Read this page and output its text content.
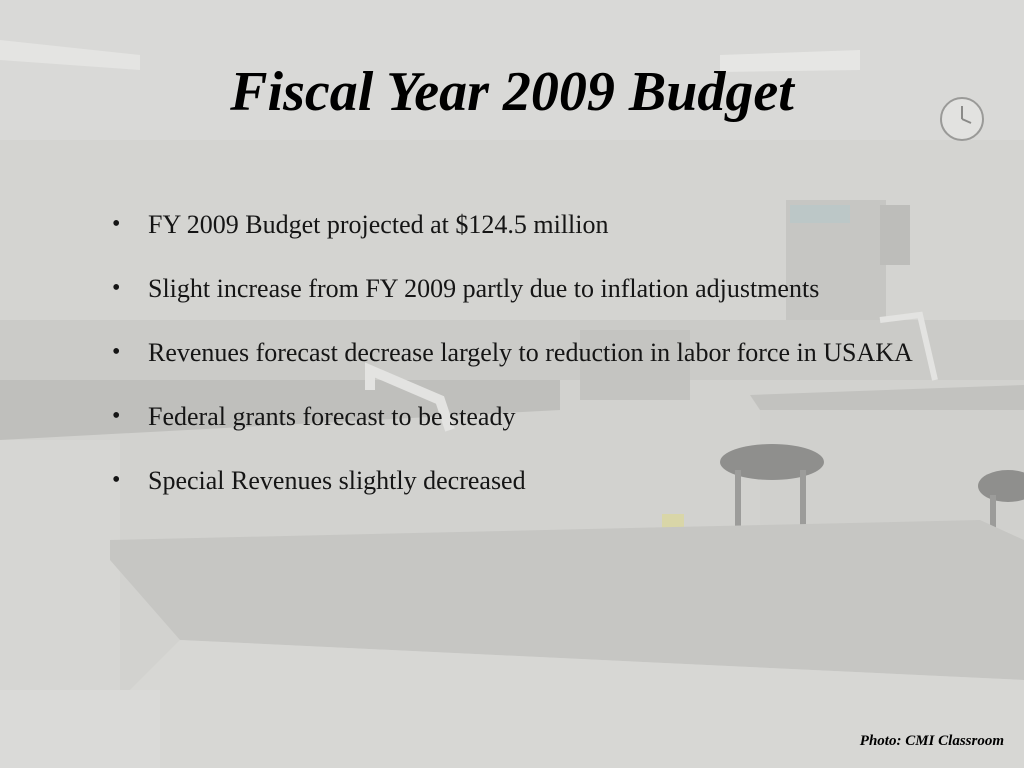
Fiscal Year 2009 Budget
• FY 2009 Budget projected at $124.5 million
• Slight increase from FY 2009 partly due to inflation adjustments
• Revenues forecast decrease largely to reduction in labor force in USAKA
• Federal grants forecast to be steady
• Special Revenues slightly decreased
Photo: CMI Classroom
